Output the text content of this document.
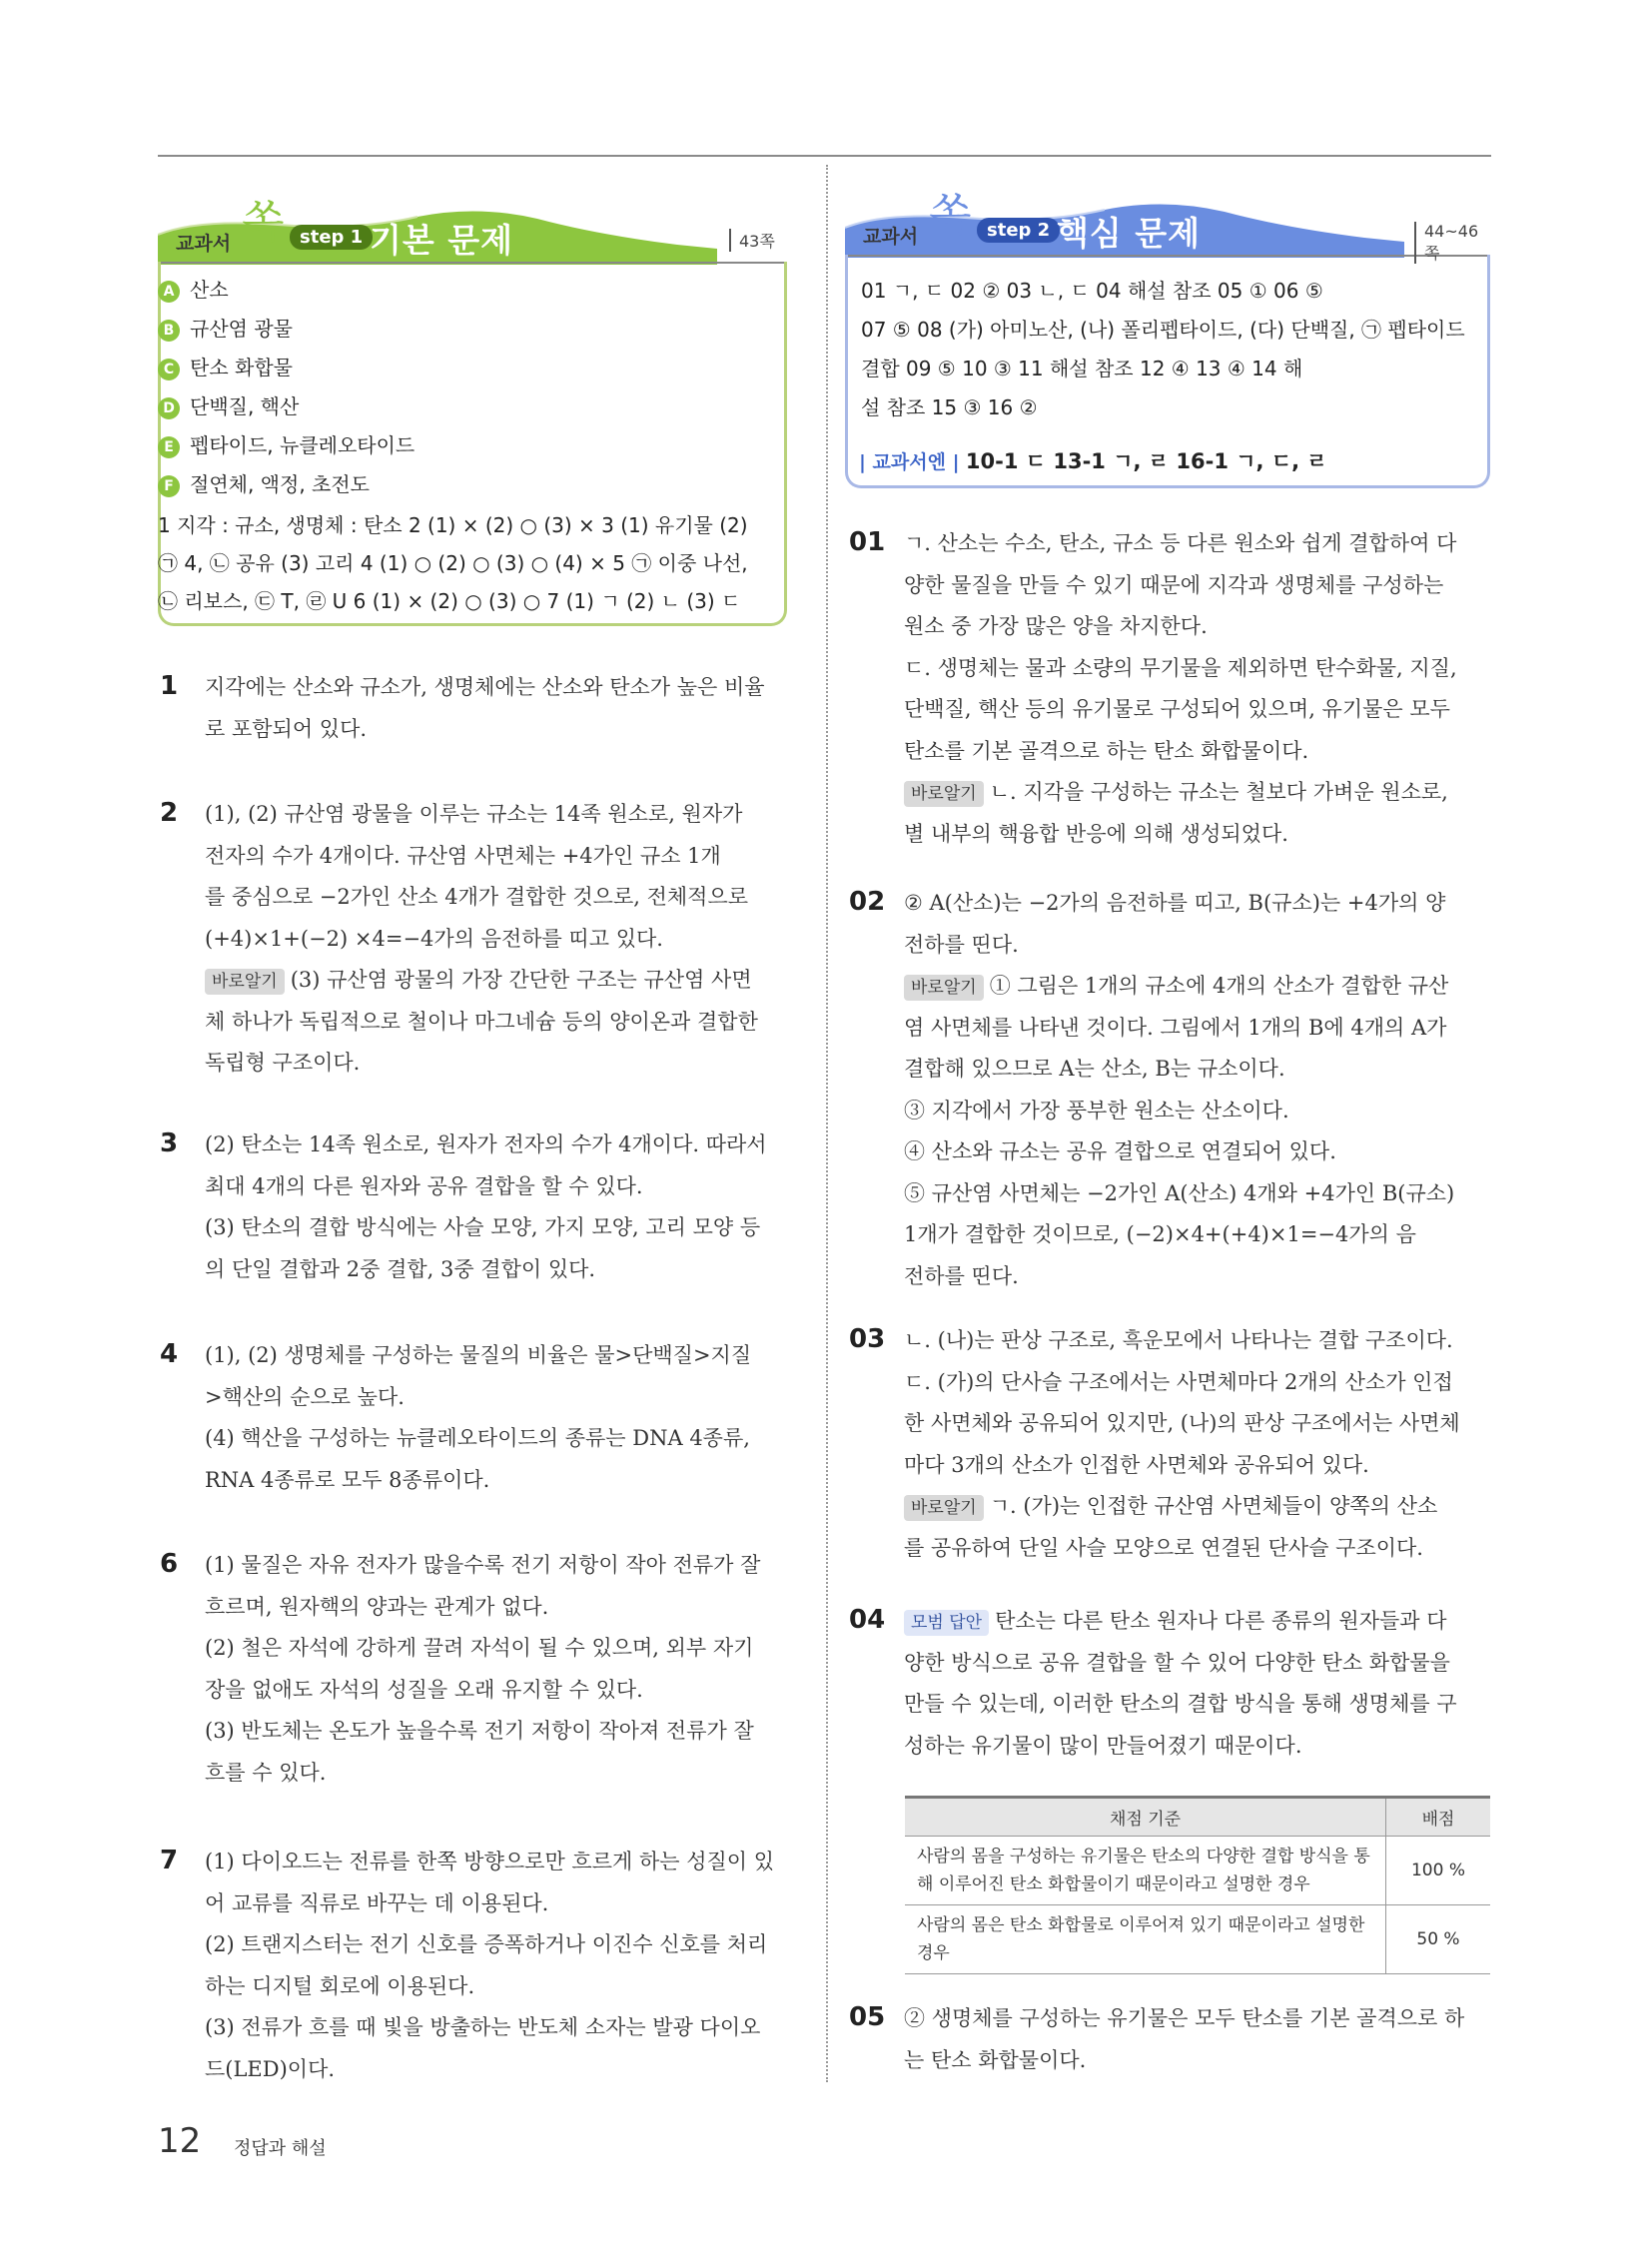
교과서 쏙 step 1 기본 문제	43쪽	교과서 쏙 step 2 핵심 문제	44~46쪽
A 산소
B 규산염 광물
C 탄소 화합물
D 단백질, 핵산
E 펩타이드, 뉴클레오타이드
F 절연체, 액정, 초전도
1 지각 : 규소, 생명체 : 탄소 2 (1) × (2) ○ (3) × 3 (1) 유기물 (2)
㉠ 4, ㉡ 공유 (3) 고리 4 (1) ○ (2) ○ (3) ○ (4) × 5 ㉠ 이중 나선,
㉡ 리보스, ㉢ T, ㉣ U 6 (1) × (2) ○ (3) ○ 7 (1) ㄱ (2) ㄴ (3) ㄷ
01 ㄱ, ㄷ 02 ② 03 ㄴ, ㄷ 04 해설 참조 05 ① 06 ⑤
07 ⑤ 08 (가) 아미노산, (나) 폴리펩타이드, (다) 단백질, ㉠ 펩타이드
결합 09 ⑤ 10 ③ 11 해설 참조 12 ④ 13 ④ 14 해
설 참조 15 ③ 16 ②
| 교과서엔 | 10-1 ㄷ 13-1 ㄱ, ㄹ 16-1 ㄱ, ㄷ, ㄹ
1 지각에는 산소와 규소가, 생명체에는 산소와 탄소가 높은 비율
로 포함되어 있다.
2 (1), (2) 규산염 광물을 이루는 규소는 14족 원소로, 원자가
전자의 수가 4개이다. 규산염 사면체는 +4가인 규소 1개
를 중심으로 −2가인 산소 4개가 결합한 것으로, 전체적으로
(+4)×1+(−2) ×4=−4가의 음전하를 띠고 있다.
바로알기 (3) 규산염 광물의 가장 간단한 구조는 규산염 사면
체 하나가 독립적으로 철이나 마그네슘 등의 양이온과 결합한
독립형 구조이다.
3 (2) 탄소는 14족 원소로, 원자가 전자의 수가 4개이다. 따라서
최대 4개의 다른 원자와 공유 결합을 할 수 있다.
(3) 탄소의 결합 방식에는 사슬 모양, 가지 모양, 고리 모양 등
의 단일 결합과 2중 결합, 3중 결합이 있다.
4 (1), (2) 생명체를 구성하는 물질의 비율은 물>단백질>지질
>핵산의 순으로 높다.
(4) 핵산을 구성하는 뉴클레오타이드의 종류는 DNA 4종류,
RNA 4종류로 모두 8종류이다.
6 (1) 물질은 자유 전자가 많을수록 전기 저항이 작아 전류가 잘
흐르며, 원자핵의 양과는 관계가 없다.
(2) 철은 자석에 강하게 끌려 자석이 될 수 있으며, 외부 자기
장을 없애도 자석의 성질을 오래 유지할 수 있다.
(3) 반도체는 온도가 높을수록 전기 저항이 작아져 전류가 잘
흐를 수 있다.
7 (1) 다이오드는 전류를 한쪽 방향으로만 흐르게 하는 성질이 있
어 교류를 직류로 바꾸는 데 이용된다.
(2) 트랜지스터는 전기 신호를 증폭하거나 이진수 신호를 처리
하는 디지털 회로에 이용된다.
(3) 전류가 흐를 때 빛을 방출하는 반도체 소자는 발광 다이오
드(LED)이다.
01 ㄱ. 산소는 수소, 탄소, 규소 등 다른 원소와 쉽게 결합하여 다
양한 물질을 만들 수 있기 때문에 지각과 생명체를 구성하는
원소 중 가장 많은 양을 차지한다.
ㄷ. 생명체는 물과 소량의 무기물을 제외하면 탄수화물, 지질,
단백질, 핵산 등의 유기물로 구성되어 있으며, 유기물은 모두
탄소를 기본 골격으로 하는 탄소 화합물이다.
바로알기 ㄴ. 지각을 구성하는 규소는 철보다 가벼운 원소로,
별 내부의 핵융합 반응에 의해 생성되었다.
02 ② A(산소)는 −2가의 음전하를 띠고, B(규소)는 +4가의 양
전하를 띤다.
바로알기 ① 그림은 1개의 규소에 4개의 산소가 결합한 규산
염 사면체를 나타낸 것이다. 그림에서 1개의 B에 4개의 A가
결합해 있으므로 A는 산소, B는 규소이다.
③ 지각에서 가장 풍부한 원소는 산소이다.
④ 산소와 규소는 공유 결합으로 연결되어 있다.
⑤ 규산염 사면체는 −2가인 A(산소) 4개와 +4가인 B(규소)
1개가 결합한 것이므로, (−2)×4+(+4)×1=−4가의 음
전하를 띤다.
03 ㄴ. (나)는 판상 구조로, 흑운모에서 나타나는 결합 구조이다.
ㄷ. (가)의 단사슬 구조에서는 사면체마다 2개의 산소가 인접
한 사면체와 공유되어 있지만, (나)의 판상 구조에서는 사면체
마다 3개의 산소가 인접한 사면체와 공유되어 있다.
바로알기 ㄱ. (가)는 인접한 규산염 사면체들이 양쪽의 산소
를 공유하여 단일 사슬 모양으로 연결된 단사슬 구조이다.
04	모범 답안 탄소는 다른 탄소 원자나 다른 종류의 원자들과 다
양한 방식으로 공유 결합을 할 수 있어 다양한 탄소 화합물을
만들 수 있는데, 이러한 탄소의 결합 방식을 통해 생명체를 구
성하는 유기물이 많이 만들어졌기 때문이다.
05 ② 생명체를 구성하는 유기물은 모두 탄소를 기본 골격으로 하
는 탄소 화합물이다.
채점 기준	배점
사람의 몸을 구성하는 유기물은 탄소의 다양한 결합 방식을 통해 이루어진 탄소 화합물이기 때문이라고 설명한 경우	100 %
사람의 몸은 탄소 화합물로 이루어져 있기 때문이라고 설명한 경우	50 %
12 정답과 해설
